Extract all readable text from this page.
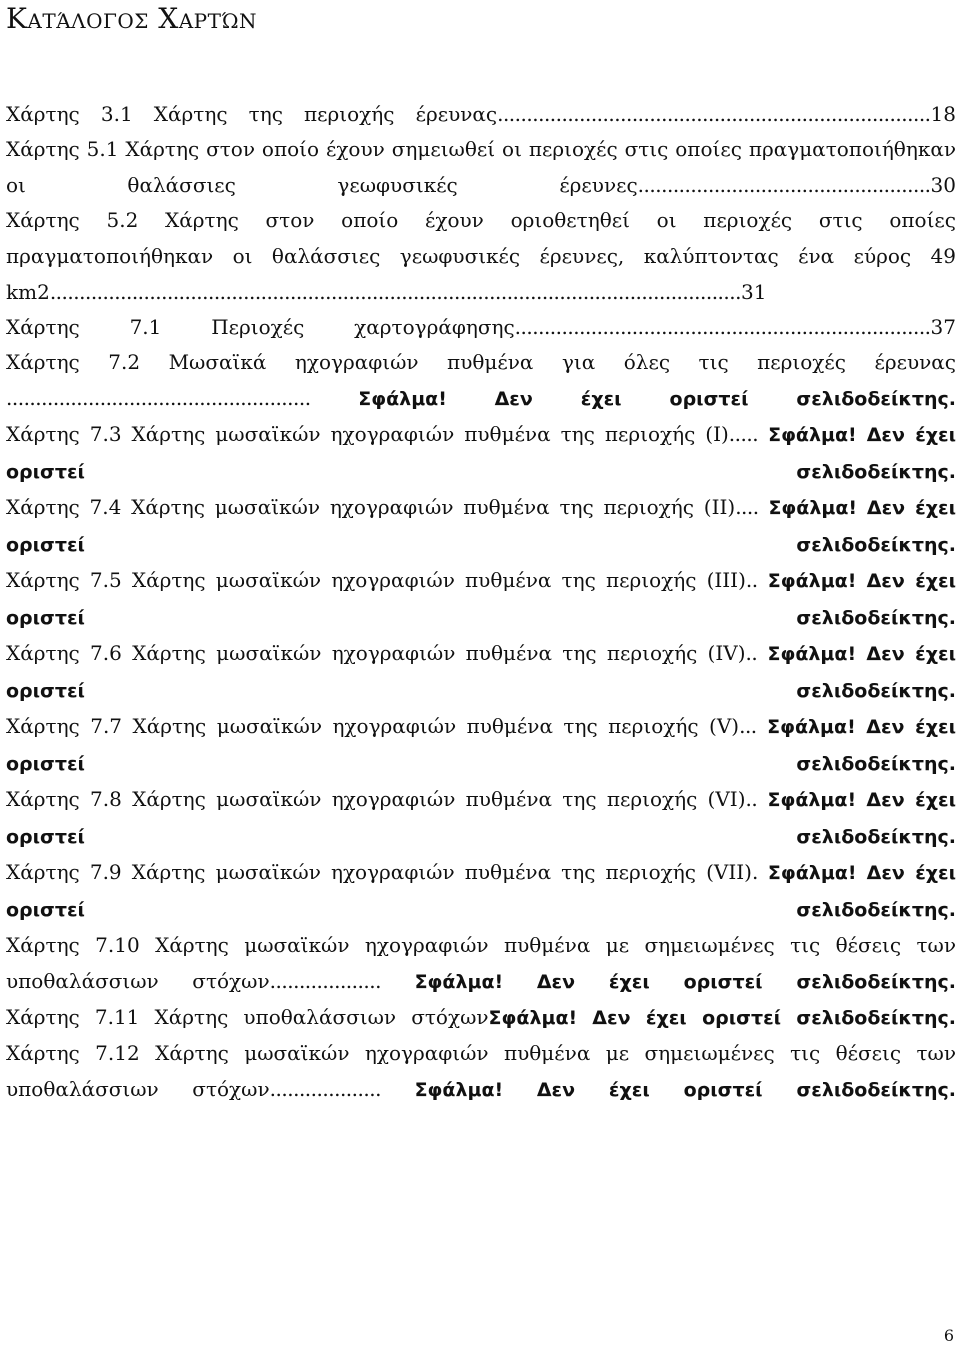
Κατάλογος Χαρτών

Χάρτης 3.1 Χάρτης της περιοχής έρευνας..........................................................................18

Χάρτης 5.1 Χάρτης στον οποίο έχουν σημειωθεί οι περιοχές στις οποίες πραγματοποιήθηκαν οι θαλάσσιες γεωφυσικές έρευνες..................................................30

Χάρτης 5.2 Χάρτης στον οποίο έχουν οριοθετηθεί οι περιοχές στις οποίες πραγματοποιήθηκαν οι θαλάσσιες γεωφυσικές έρευνες, καλύπτοντας ένα εύρος 49 km2......................................................................................................................31

Χάρτης 7.1 Περιοχές χαρτογράφησης.......................................................................37

Χάρτης 7.2 Μωσαϊκά ηχογραφιών πυθμένα για όλες τις περιοχές έρευνας ....................................................	Σφάλμα!	Δεν έχει οριστεί σελιδοδείκτης.

Χάρτης 7.3 Χάρτης μωσαϊκών ηχογραφιών πυθμένα της περιοχής (I)..... Σφάλμα! Δεν έχει οριστεί σελιδοδείκτης.

Χάρτης 7.4 Χάρτης μωσαϊκών ηχογραφιών πυθμένα της περιοχής (II).... Σφάλμα! Δεν έχει οριστεί σελιδοδείκτης.

Χάρτης 7.5 Χάρτης μωσαϊκών ηχογραφιών πυθμένα της περιοχής (III).. Σφάλμα! Δεν έχει οριστεί σελιδοδείκτης.

Χάρτης 7.6 Χάρτης μωσαϊκών ηχογραφιών πυθμένα της περιοχής (IV).. Σφάλμα! Δεν έχει οριστεί σελιδοδείκτης.

Χάρτης 7.7 Χάρτης μωσαϊκών ηχογραφιών πυθμένα της περιοχής (V)... Σφάλμα! Δεν έχει οριστεί σελιδοδείκτης.

Χάρτης 7.8 Χάρτης μωσαϊκών ηχογραφιών πυθμένα της περιοχής (VI).. Σφάλμα! Δεν έχει οριστεί σελιδοδείκτης.

Χάρτης 7.9 Χάρτης μωσαϊκών ηχογραφιών πυθμένα της περιοχής (VII). Σφάλμα! Δεν έχει οριστεί σελιδοδείκτης.

Χάρτης 7.10 Χάρτης μωσαϊκών ηχογραφιών πυθμένα με σημειωμένες τις θέσεις των υποθαλάσσιων στόχων................... Σφάλμα! Δεν έχει οριστεί σελιδοδείκτης.

Χάρτης 7.11 Χάρτης υποθαλάσσιων στόχωνΣφάλμα! Δεν έχει οριστεί σελιδοδείκτης.

Χάρτης 7.12 Χάρτης μωσαϊκών ηχογραφιών πυθμένα με σημειωμένες τις θέσεις των υποθαλάσσιων στόχων................... Σφάλμα! Δεν έχει οριστεί σελιδοδείκτης.

6
